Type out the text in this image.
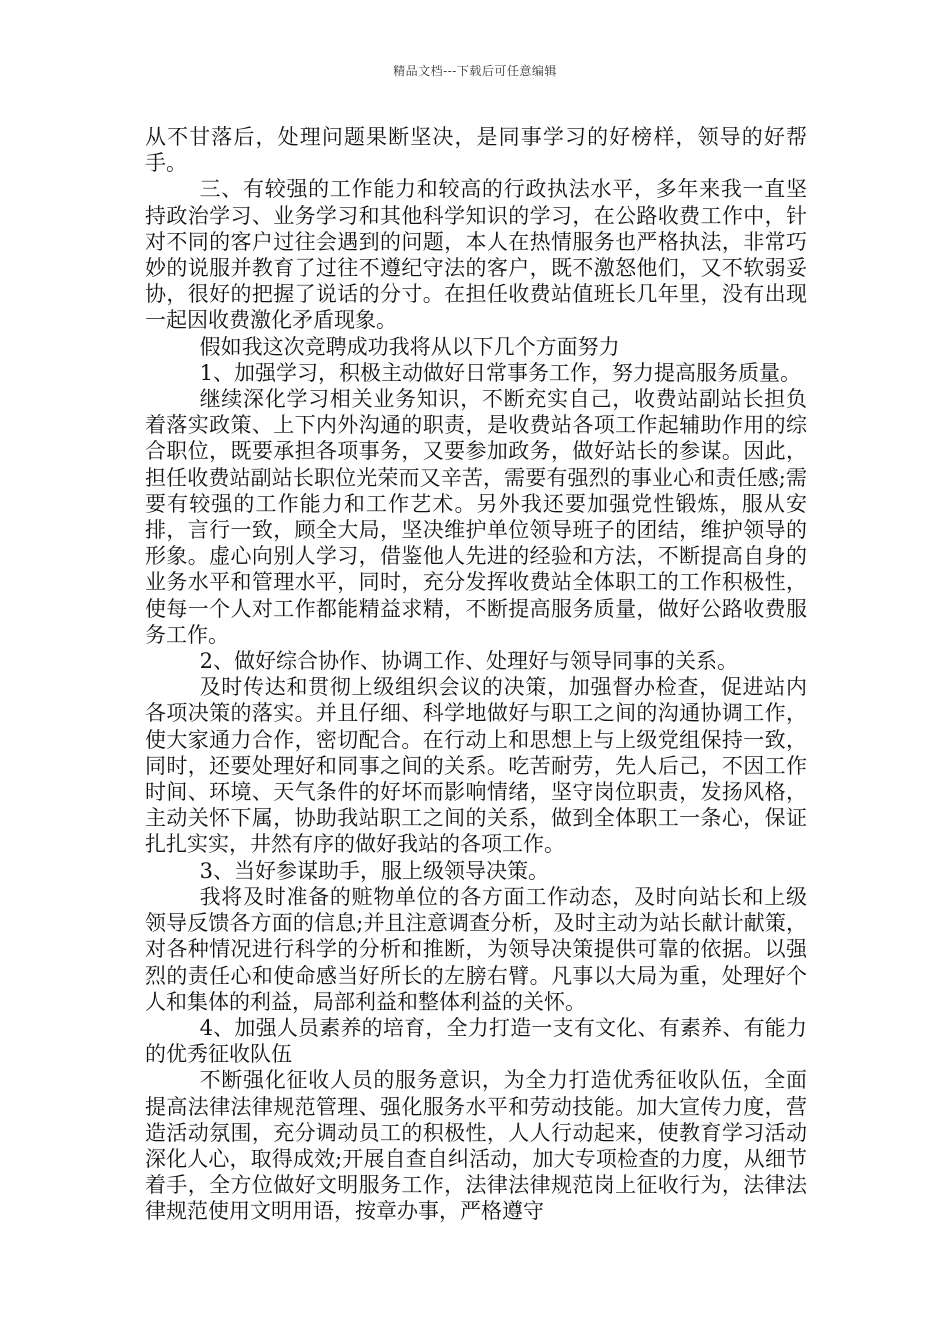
精品文档---下载后可任意编辑

从不甘落后，处理问题果断坚决，是同事学习的好榜样，领导的好帮手。

三、有较强的工作能力和较高的行政执法水平，多年来我一直坚持政治学习、业务学习和其他科学知识的学习，在公路收费工作中，针对不同的客户过往会遇到的问题，本人在热情服务也严格执法，非常巧妙的说服并教育了过往不遵纪守法的客户，既不激怒他们，又不软弱妥协，很好的把握了说话的分寸。在担任收费站值班长几年里，没有出现一起因收费激化矛盾现象。

假如我这次竞聘成功我将从以下几个方面努力

1、加强学习，积极主动做好日常事务工作，努力提高服务质量。

继续深化学习相关业务知识，不断充实自己，收费站副站长担负着落实政策、上下内外沟通的职责，是收费站各项工作起辅助作用的综合职位，既要承担各项事务，又要参加政务，做好站长的参谋。因此，担任收费站副站长职位光荣而又辛苦，需要有强烈的事业心和责任感;需要有较强的工作能力和工作艺术。另外我还要加强党性锻炼，服从安排，言行一致，顾全大局，坚决维护单位领导班子的团结，维护领导的形象。虚心向别人学习，借鉴他人先进的经验和方法，不断提高自身的业务水平和管理水平，同时，充分发挥收费站全体职工的工作积极性，使每一个人对工作都能精益求精，不断提高服务质量，做好公路收费服务工作。

2、做好综合协作、协调工作、处理好与领导同事的关系。

及时传达和贯彻上级组织会议的决策，加强督办检查，促进站内各项决策的落实。并且仔细、科学地做好与职工之间的沟通协调工作，使大家通力合作，密切配合。在行动上和思想上与上级党组保持一致，同时，还要处理好和同事之间的关系。吃苦耐劳，先人后己，不因工作时间、环境、天气条件的好坏而影响情绪，坚守岗位职责，发扬风格，主动关怀下属，协助我站职工之间的关系，做到全体职工一条心，保证扎扎实实，井然有序的做好我站的各项工作。

3、当好参谋助手，服上级领导决策。

我将及时准备的赃物单位的各方面工作动态，及时向站长和上级领导反馈各方面的信息;并且注意调查分析，及时主动为站长献计献策，对各种情况进行科学的分析和推断，为领导决策提供可靠的依据。以强烈的责任心和使命感当好所长的左膀右臂。凡事以大局为重，处理好个人和集体的利益，局部利益和整体利益的关怀。

4、加强人员素养的培育，全力打造一支有文化、有素养、有能力的优秀征收队伍

不断强化征收人员的服务意识，为全力打造优秀征收队伍，全面提高法律法律规范管理、强化服务水平和劳动技能。加大宣传力度，营造活动氛围，充分调动员工的积极性，人人行动起来，使教育学习活动深化人心，取得成效;开展自查自纠活动，加大专项检查的力度，从细节着手，全方位做好文明服务工作，法律法律规范岗上征收行为，法律法律规范使用文明用语，按章办事，严格遵守
